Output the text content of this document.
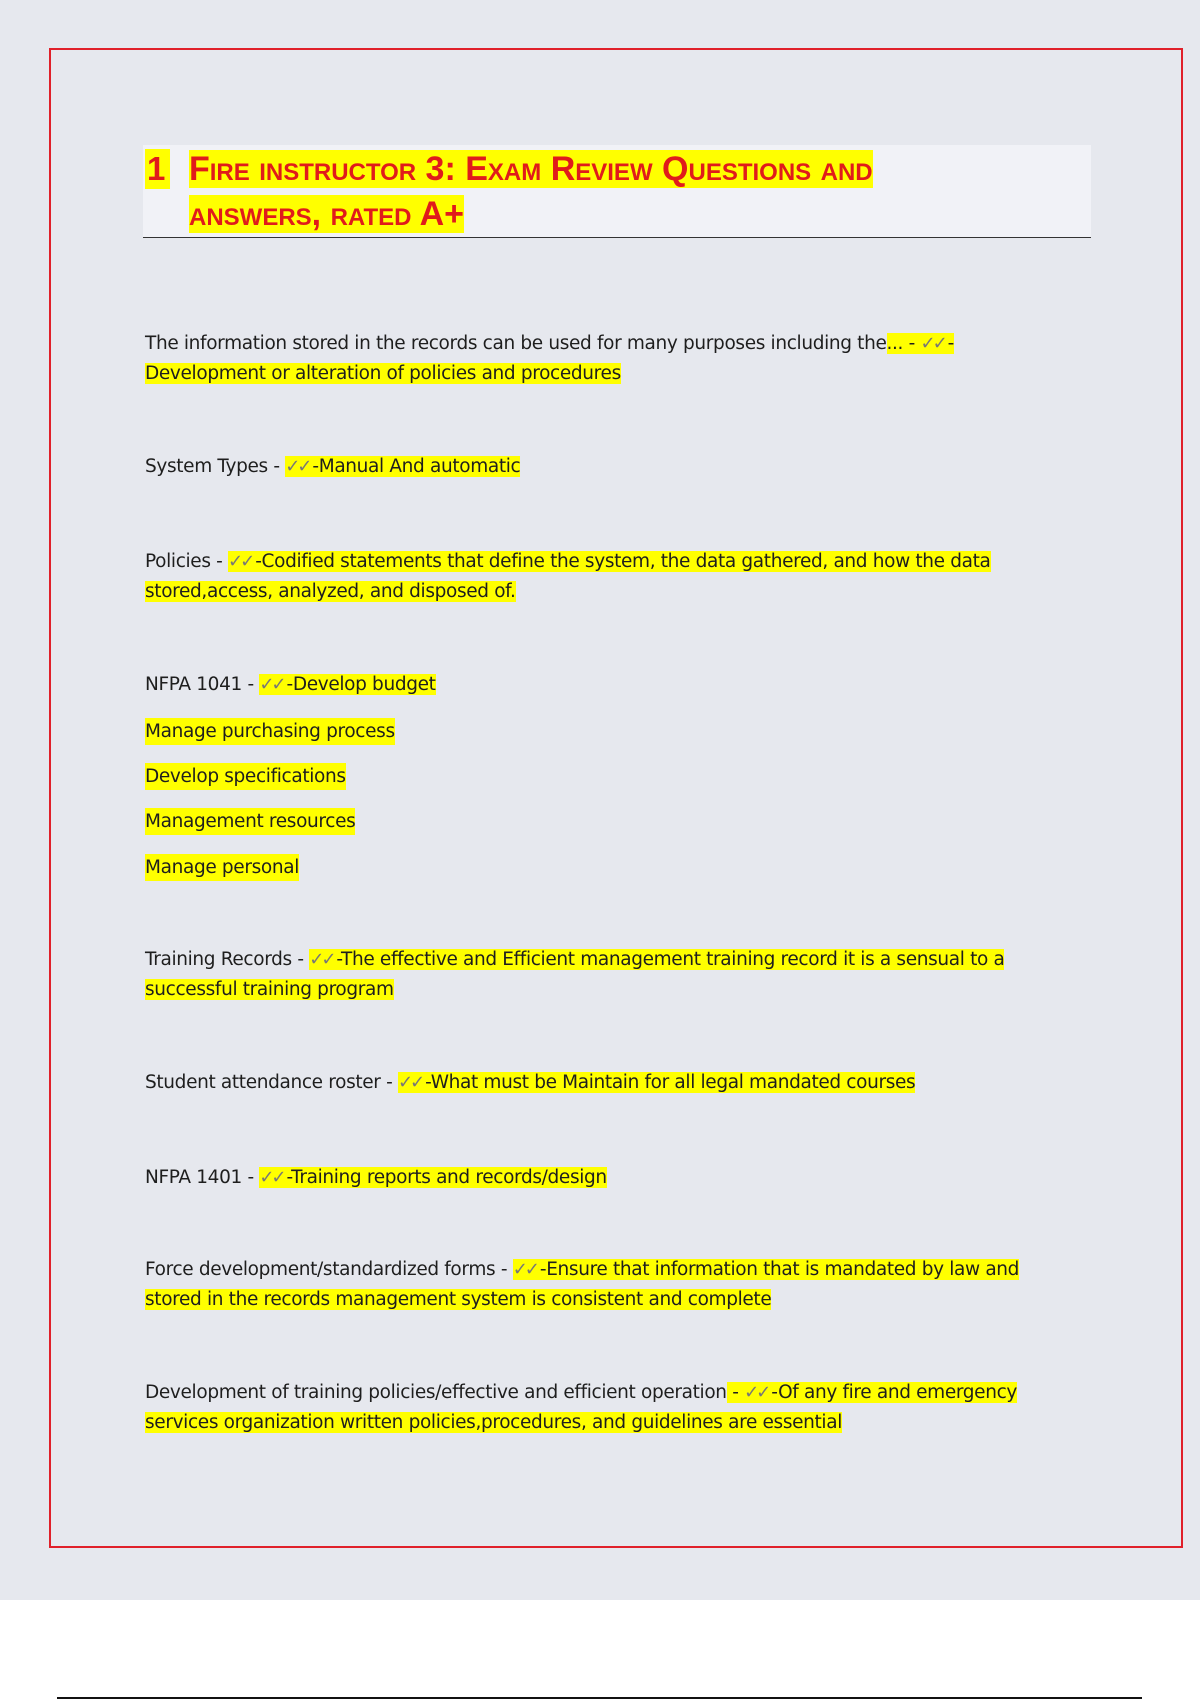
1 Fire instructor 3: Exam Review Questions and
answers, rated A+

The information stored in the records can be used for many purposes including the... - ✓✓ -
Development or alteration of policies and procedures

System Types - ✓✓ -Manual And automatic

Policies - ✓✓ -Codified statements that define the system, the data gathered, and how the data stored,access, analyzed, and disposed of.

NFPA 1041 - ✓✓ -Develop budget

Manage purchasing process
Develop specifications
Management resources
Manage personal

Training Records - ✓✓ -The effective and Efficient management training record it is a sensual to a successful training program

Student attendance roster - ✓✓ -What must be Maintain for all legal mandated courses

NFPA 1401 - ✓✓ -Training reports and records/design

Force development/standardized forms - ✓✓ -Ensure that information that is mandated by law and stored in the records management system is consistent and complete

Development of training policies/effective and efficient operation - ✓✓ -Of any fire and emergency services organization written policies,procedures, and guidelines are essential
